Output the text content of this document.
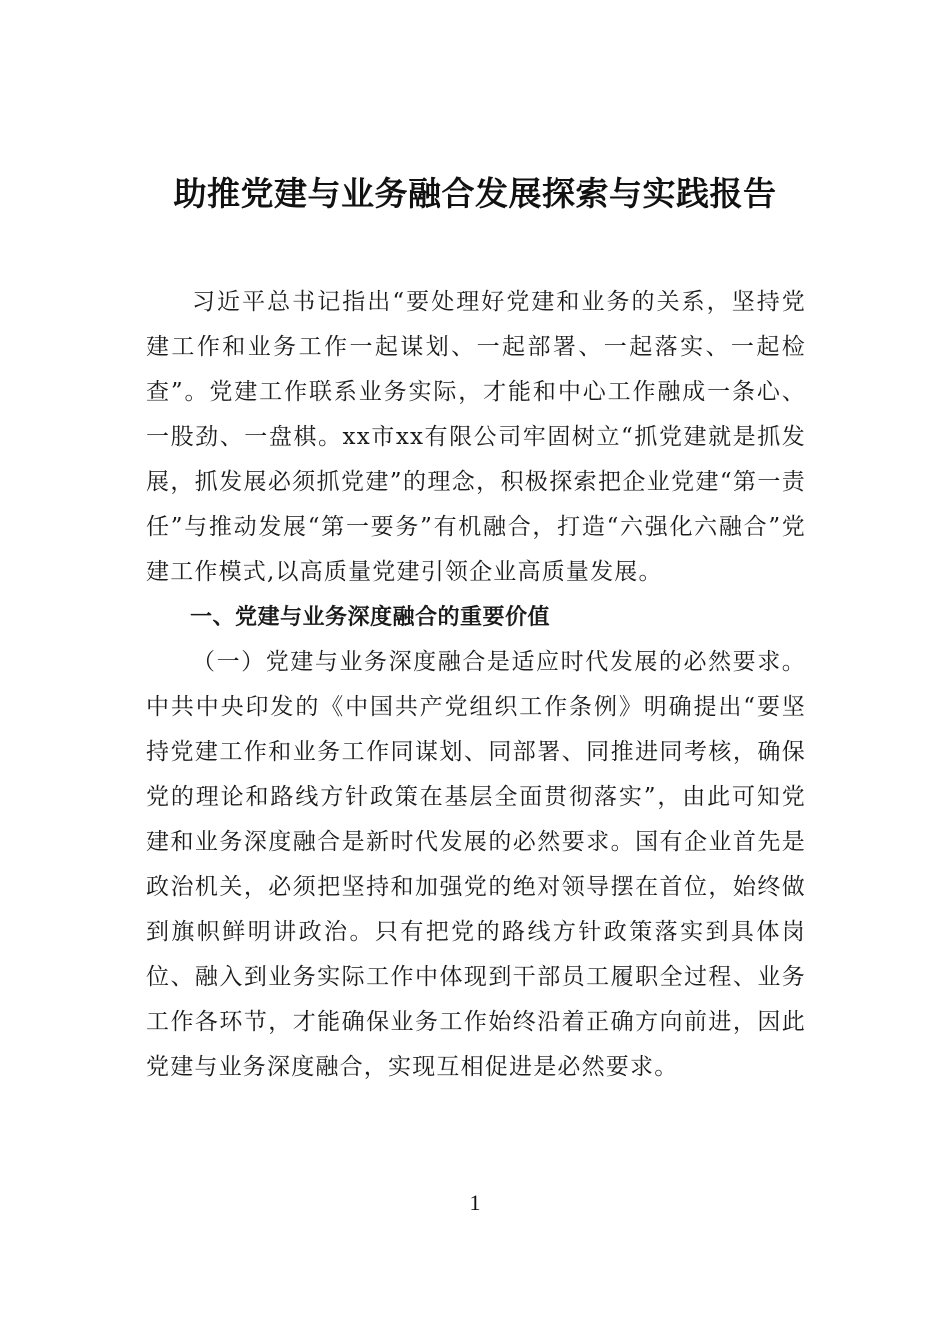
助推党建与业务融合发展探索与实践报告

习近平总书记指出“要处理好党建和业务的关系，坚持党建工作和业务工作一起谋划、一起部署、一起落实、一起检查”。党建工作联系业务实际，才能和中心工作融成一条心、一股劲、一盘棋。xx市xx有限公司牢固树立“抓党建就是抓发展，抓发展必须抓党建”的理念，积极探索把企业党建“第一责任”与推动发展“第一要务”有机融合，打造“六强化六融合”党建工作模式,以高质量党建引领企业高质量发展。

一、党建与业务深度融合的重要价值

（一）党建与业务深度融合是适应时代发展的必然要求。中共中央印发的《中国共产党组织工作条例》明确提出“要坚持党建工作和业务工作同谋划、同部署、同推进同考核，确保党的理论和路线方针政策在基层全面贯彻落实”，由此可知党建和业务深度融合是新时代发展的必然要求。国有企业首先是政治机关，必须把坚持和加强党的绝对领导摆在首位，始终做到旗帜鲜明讲政治。只有把党的路线方针政策落实到具体岗位、融入到业务实际工作中体现到干部员工履职全过程、业务工作各环节，才能确保业务工作始终沿着正确方向前进，因此党建与业务深度融合，实现互相促进是必然要求。

1
